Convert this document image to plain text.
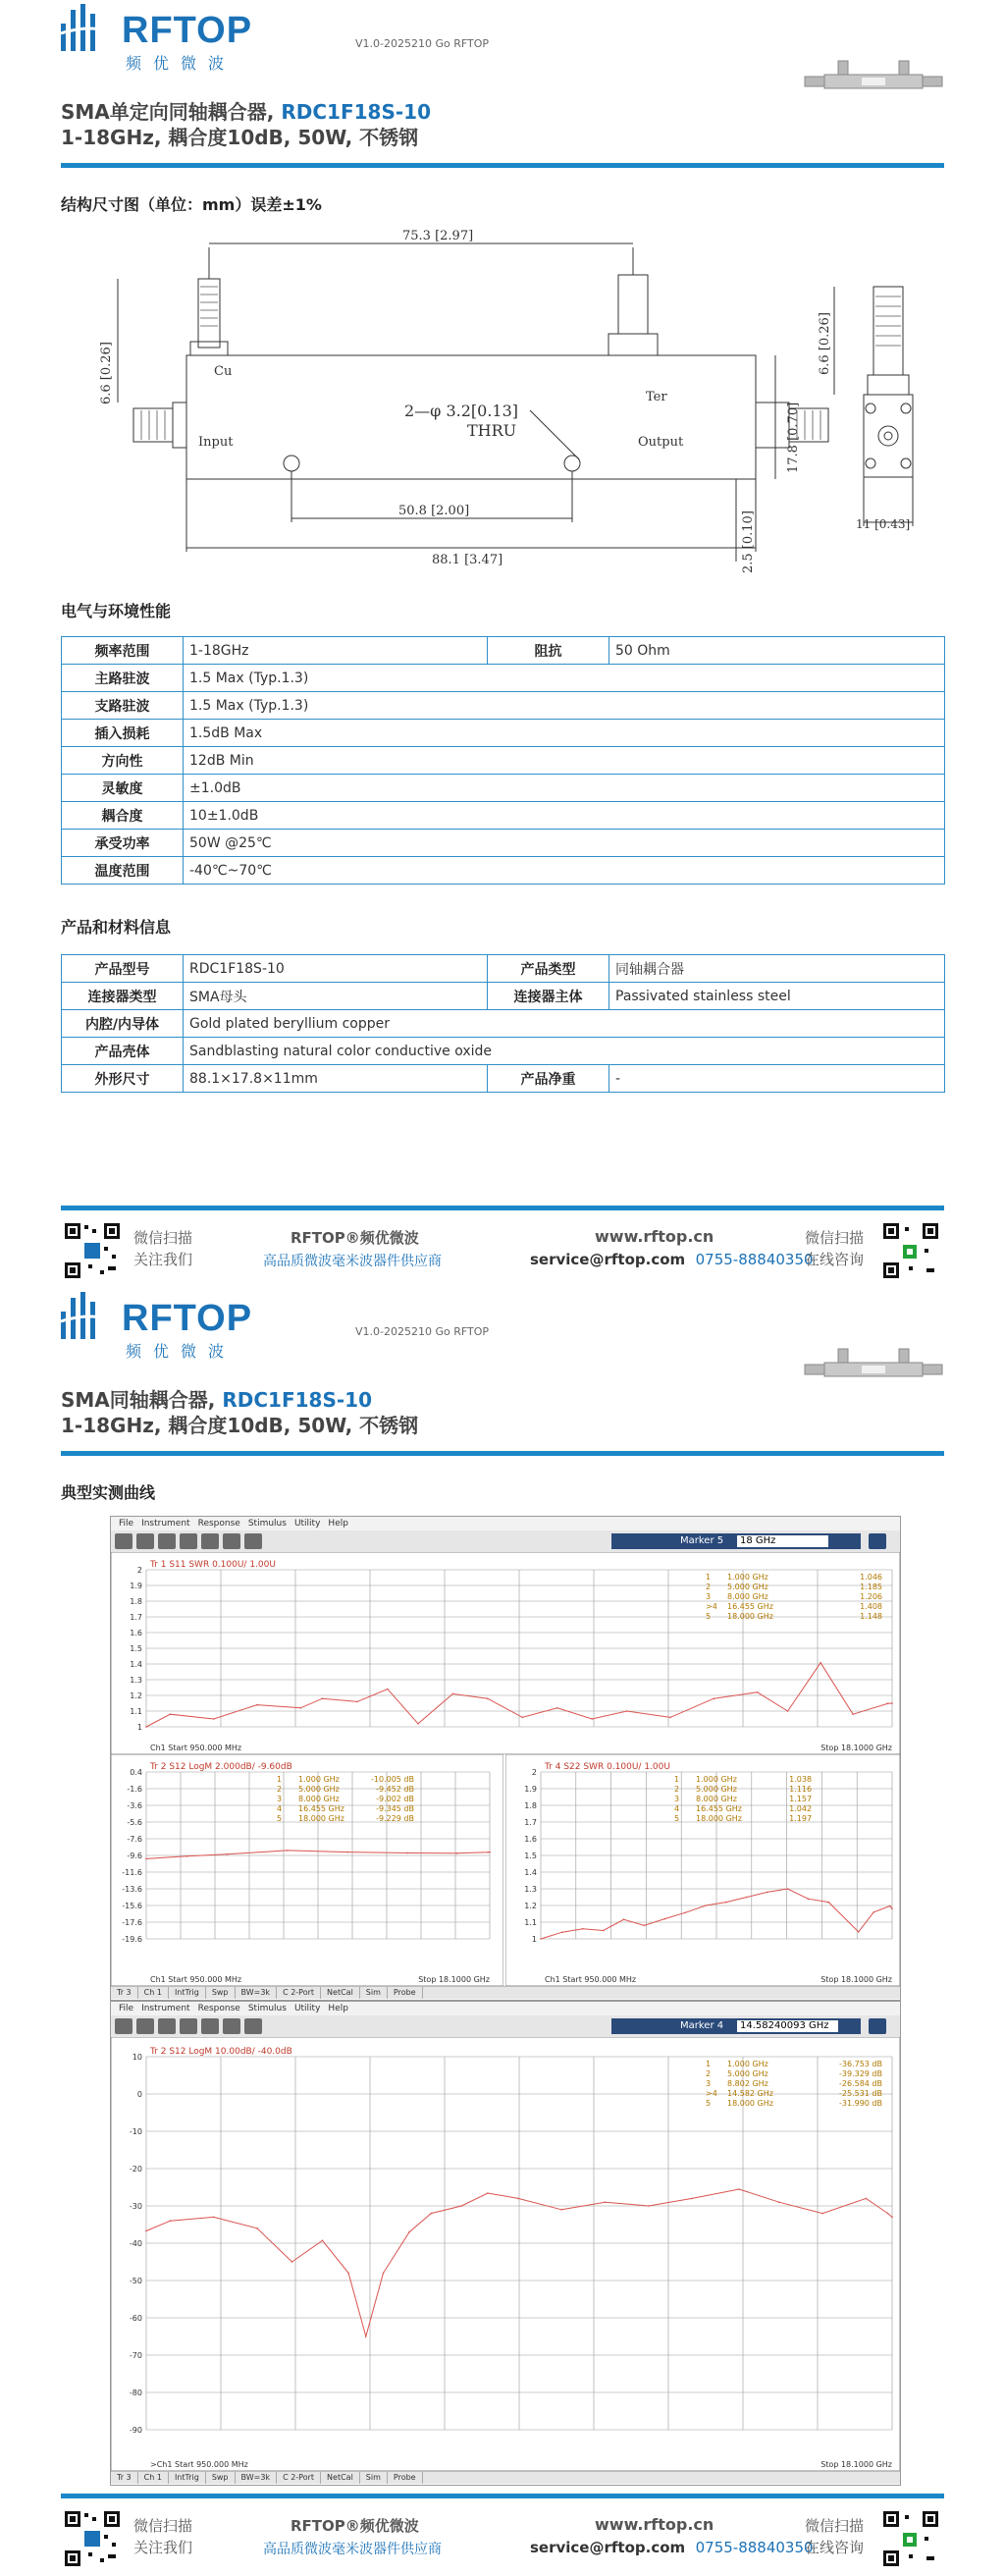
RFTOP
频优微波
V1.0-2025210 Go RFTOP
SMA单定向同轴耦合器, RDC1F18S-10
1-18GHz, 耦合度10dB, 50W, 不锈钢
结构尺寸图（单位：mm）误差±1%
75.3 [2.97]
Cu
Ter
Input	Output
2—φ 3.2[0.13]
THRU
50.8 [2.00]
88.1 [3.47]
6.6 [0.26]
17.8 [0.70]
2.5 [0.10]
6.6 [0.26]
11 [0.43]
电气与环境性能
频率范围	1-18GHz	阻抗	50 Ohm
主路驻波	1.5 Max (Typ.1.3)		
支路驻波	1.5 Max (Typ.1.3)		
插入损耗	1.5dB Max		
方向性	12dB Min		
灵敏度	±1.0dB		
耦合度	10±1.0dB		
承受功率	50W @25℃		
温度范围	-40℃~70℃		
产品和材料信息
产品型号	RDC1F18S-10	产品类型	同轴耦合器
连接器类型	SMA母头	连接器主体	Passivated stainless steel
内腔/内导体	Gold plated beryllium copper		
产品壳体	Sandblasting natural color conductive oxide		
外形尺寸	88.1×17.8×11mm	产品净重	-
微信扫描
关注我们
RFTOP®频优微波
高品质微波毫米波器件供应商
www.rftop.cn
service@rftop.com 0755-88840350
微信扫描
在线咨询
RFTOP
频优微波
V1.0-2025210 Go RFTOP
SMA同轴耦合器, RDC1F18S-10
1-18GHz, 耦合度10dB, 50W, 不锈钢
典型实测曲线
File Instrument Response Stimulus Utility Help
Marker 5	18 GHz
Tr 1 S11 SWR 0.100U/ 1.00U
2
1.9
1.8
1.7
1.6
1.5
1.4
1.3
1.2
1.1
1
1 1.000 GHz	1.046
2 5.000 GHz	1.185
3 8.000 GHz	1.206
>4 16.455 GHz	1.408
5 18.000 GHz	1.148
Ch1 Start 950.000 MHz	Stop 18.1000 GHz
Tr 2 S12 LogM 2.000dB/ -9.60dB
0.4
-1.6
-3.6
-5.6
-7.6
-9.6
-11.6
-13.6
-15.6
-17.6
-19.6
1 1.000 GHz	-10.005 dB
2 5.000 GHz	-9.452 dB
3 8.000 GHz	-9.002 dB
4 16.455 GHz	-9.345 dB
5 18.000 GHz	-9.229 dB
Ch1 Start 950.000 MHz	Stop 18.1000 GHz
Tr 4 S22 SWR 0.100U/ 1.00U
2
1.9
1.8
1.7
1.6
1.5
1.4
1.3
1.2
1.1
1
1 1.000 GHz	1.038
2 5.000 GHz	1.116
3 8.000 GHz	1.157
4 16.455 GHz	1.042
5 18.000 GHz	1.197
Ch1 Start 950.000 MHz	Stop 18.1000 GHz
Tr 3 Ch 1 IntTrig Swp BW=3k C 2-Port NetCal Sim Probe
File Instrument Response Stimulus Utility Help
Marker 4	14.58240093 GHz
Tr 2 S12 LogM 10.00dB/ -40.0dB
10
0
-10
-20
-30
-40
-50
-60
-70
-80
-90
1 1.000 GHz	-36.753 dB
2 5.000 GHz	-39.329 dB
3 8.802 GHz	-26.584 dB
>4 14.582 GHz	-25.531 dB
5 18.000 GHz	-31.990 dB
>Ch1 Start 950.000 MHz	Stop 18.1000 GHz
Tr 3 Ch 1 IntTrig Swp BW=3k C 2-Port NetCal Sim Probe
微信扫描
关注我们
RFTOP®频优微波
高品质微波毫米波器件供应商
www.rftop.cn
service@rftop.com 0755-88840350
微信扫描
在线咨询
